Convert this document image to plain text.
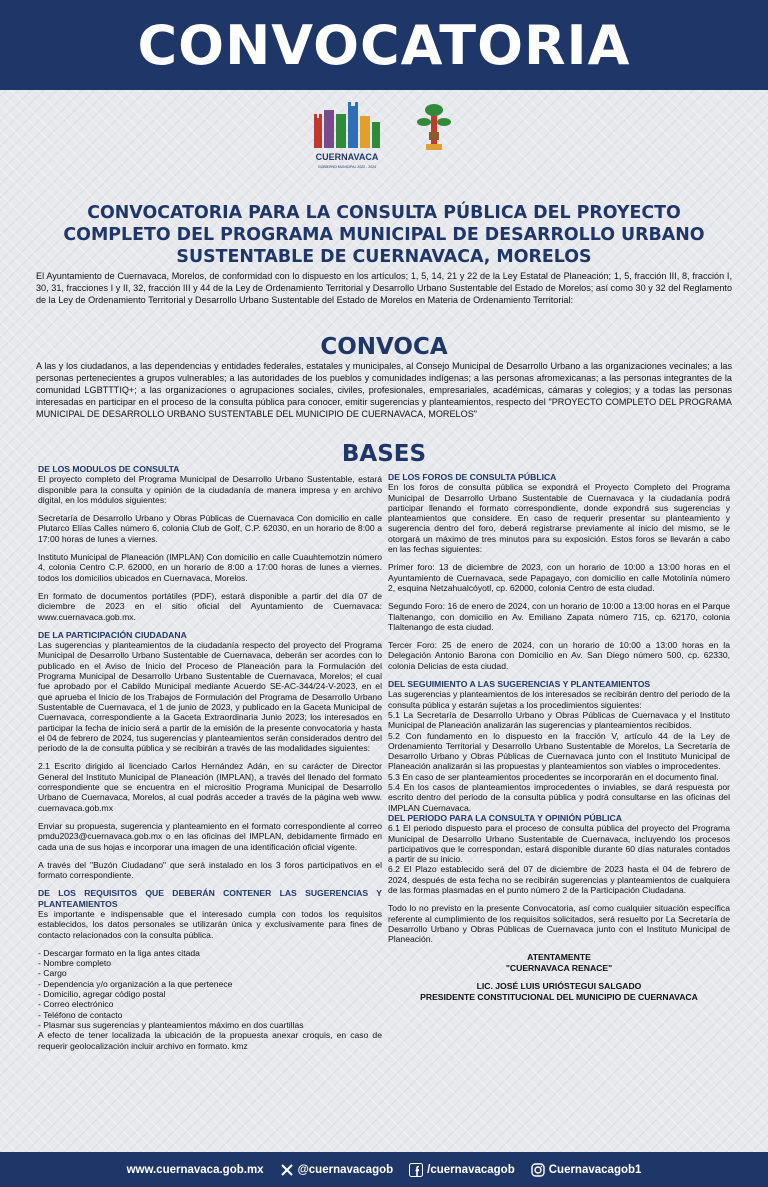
CONVOCATORIA
CUERNAVACA
GOBIERNO MUNICIPAL 2022 - 2024
CONVOCATORIA PARA LA CONSULTA PÚBLICA DEL PROYECTO COMPLETO DEL PROGRAMA MUNICIPAL DE DESARROLLO URBANO SUSTENTABLE DE CUERNAVACA, MORELOS

El Ayuntamiento de Cuernavaca, Morelos, de conformidad con lo dispuesto en los artículos; 1, 5, 14, 21 y 22 de la Ley Estatal de Planeación; 1, 5, fracción III, 8, fracción I, 30, 31, fracciones I y II, 32, fracción III y 44 de la Ley de Ordenamiento Territorial y Desarrollo Urbano Sustentable del Estado de Morelos; así como 30 y 32 del Reglamento de la Ley de Ordenamiento Territorial y Desarrollo Urbano Sustentable del Estado de Morelos en Materia de Ordenamiento Territorial:

CONVOCA

A las y los ciudadanos, a las dependencias y entidades federales, estatales y municipales, al Consejo Municipal de Desarrollo Urbano a las organizaciones vecinales; a las personas pertenecientes a grupos vulnerables; a las autoridades de los pueblos y comunidades indígenas; a las personas afromexicanas; a las personas integrantes de la comunidad LGBTTTIQ+; a las organizaciones o agrupaciones sociales, civiles, profesionales, empresariales, académicas, cámaras y colegios; y a todas las personas interesadas en participar en el proceso de la consulta pública para conocer, emitir sugerencias y planteamientos, respecto del "PROYECTO COMPLETO DEL PROGRAMA MUNICIPAL DE DESARROLLO URBANO SUSTENTABLE DEL MUNICIPIO DE CUERNAVACA, MORELOS"

BASES
DE LOS MODULOS DE CONSULTA

El proyecto completo del Programa Municipal de Desarrollo Urbano Sustentable, estará disponible para la consulta y opinión de la ciudadanía de manera impresa y en archivo digital, en los módulos siguientes:

Secretaría de Desarrollo Urbano y Obras Públicas de Cuernavaca Con domicilio en calle Plutarco Elías Calles número 6, colonia Club de Golf, C.P. 62030, en un horario de 8:00 a 17:00 horas de lunes a viernes.

Instituto Municipal de Planeación (IMPLAN) Con domicilio en calle Cuauhtemotzin número 4, colonia Centro C.P. 62000, en un horario de 8:00 a 17:00 horas de lunes a viernes. todos los domicilios ubicados en Cuernavaca, Morelos.

En formato de documentos portátiles (PDF), estará disponible a partir del día 07 de diciembre de 2023 en el sitio oficial del Ayuntamiento de Cuernavaca: www.cuernavaca.gob.mx.

DE LA PARTICIPACIÓN CIUDADANA

Las sugerencias y planteamientos de la ciudadanía respecto del proyecto del Programa Municipal de Desarrollo Urbano Sustentable de Cuernavaca, deberán ser acordes con lo publicado en el Aviso de Inicio del Proceso de Planeación para la Formulación del Programa Municipal de Desarrollo Urbano Sustentable de Cuernavaca, Morelos; el cual fue aprobado por el Cabildo Municipal mediante Acuerdo SE-AC-344/24-V-2023, en el que aprueba el Inicio de los Trabajos de Formulación del Programa de Desarrollo Urbano Sustentable de Cuernavaca, el 1 de junio de 2023, y publicado en la Gaceta Municipal de Cuernavaca, correspondiente a la Gaceta Extraordinaria Junio 2023; los interesados en participar la fecha de inicio será a partir de la emisión de la presente convocatoria y hasta el 04 de febrero de 2024, tus sugerencias y planteamientos serán considerados dentro del periodo de la de consulta pública y se recibirán a través de las modalidades siguientes:

2.1 Escrito dirigido al licenciado Carlos Hernández Adán, en su carácter de Director General del Instituto Municipal de Planeación (IMPLAN), a través del llenado del formato correspondiente que se encuentra en el micrositio Programa Municipal de Desarrollo Urbano de Cuernavaca, Morelos, al cual podrás acceder a través de la página web www. cuernavaca.gob.mx

Enviar su propuesta, sugerencia y planteamiento en el formato correspondiente al correo pmdu2023@cuernavaca.gob.mx o en las oficinas del IMPLAN, debidamente firmado en cada una de sus hojas e incorporar una imagen de una identificación oficial vigente.

A través del "Buzón Ciudadano" que será instalado en los 3 foros participativos en el formato correspondiente.

DE LOS REQUISITOS QUE DEBERÁN CONTENER LAS SUGERENCIAS Y PLANTEAMIENTOS

Es importante e indispensable que el interesado cumpla con todos los requisitos establecidos, los datos personales se utilizarán única y exclusivamente para fines de contacto relacionados con la consulta pública.

- Descargar formato en la liga antes citada
- Nombre completo
- Cargo
- Dependencia y/o organización a la que pertenece
- Domicilio, agregar código postal
- Correo electrónico
- Teléfono de contacto
- Plasmar sus sugerencias y planteamientos máximo en dos cuartillas

A efecto de tener localizada la ubicación de la propuesta anexar croquis, en caso de requerir geolocalización incluir archivo en formato. kmz

DE LOS FOROS DE CONSULTA PÚBLICA

En los foros de consulta pública se expondrá el Proyecto Completo del Programa Municipal de Desarrollo Urbano Sustentable de Cuernavaca y la ciudadanía podrá participar llenando el formato correspondiente, donde expondrá sus sugerencias y planteamientos que considere. En caso de requerir presentar su planteamiento y sugerencia dentro del foro, deberá registrarse previamente al inicio del mismo, se le otorgará un máximo de tres minutos para su exposición. Estos foros se llevarán a cabo en las fechas siguientes:

Primer foro: 13 de diciembre de 2023, con un horario de 10:00 a 13:00 horas en el Ayuntamiento de Cuernavaca, sede Papagayo, con domicilio en calle Motolinía número 2, esquina Netzahualcóyotl, cp. 62000, colonia Centro de esta ciudad.

Segundo Foro: 16 de enero de 2024, con un horario de 10:00 a 13:00 horas en el Parque Tlaltenango, con domicilio en Av. Emiliano Zapata número 715, cp. 62170, colonia Tlaltenango de esta ciudad.

Tercer Foro: 25 de enero de 2024, con un horario de 10:00 a 13:00 horas en la Delegación Antonio Barona con Domicilio en Av. San Diego número 500, cp. 62330, colonia Delicias de esta ciudad.

DEL SEGUIMIENTO A LAS SUGERENCIAS Y PLANTEAMIENTOS

Las sugerencias y planteamientos de los interesados se recibirán dentro del periodo de la consulta pública y estarán sujetas a los procedimientos siguientes:

5.1 La Secretaría de Desarrollo Urbano y Obras Públicas de Cuernavaca y el Instituto Municipal de Planeación analizarán las sugerencias y planteamientos recibidos.

5.2 Con fundamento en lo dispuesto en la fracción V, artículo 44 de la Ley de Ordenamiento Territorial y Desarrollo Urbano Sustentable de Morelos, La Secretaría de Desarrollo Urbano y Obras Públicas de Cuernavaca junto con el Instituto Municipal de Planeación analizarán si las propuestas y planteamientos son viables o improcedentes.

5.3 En caso de ser planteamientos procedentes se incorporarán en el documento final.

5.4 En los casos de planteamientos improcedentes o inviables, se dará respuesta por escrito dentro del periodo de la consulta pública y podrá consultarse en las oficinas del IMPLAN Cuernavaca.

DEL PERIODO PARA LA CONSULTA Y OPINIÓN PÚBLICA

6.1 El periodo dispuesto para el proceso de consulta pública del proyecto del Programa Municipal de Desarrollo Urbano Sustentable de Cuernavaca, incluyendo los procesos participativos que le correspondan, estará disponible durante 60 días naturales contados a partir de su inicio.

6.2 El Plazo establecido será del 07 de diciembre de 2023 hasta el 04 de febrero de 2024, después de esta fecha no se recibirán sugerencias y planteamientos de cualquiera de las formas plasmadas en el punto número 2 de la Participación Ciudadana.

Todo lo no previsto en la presente Convocatoria, así como cualquier situación específica referente al cumplimiento de los requisitos solicitados, será resuelto por La Secretaría de Desarrollo Urbano y Obras Públicas de Cuernavaca junto con el Instituto Municipal de Planeación.

ATENTAMENTE
"CUERNAVACA RENACE"
LIC. JOSÉ LUIS URIÓSTEGUI SALGADO
PRESIDENTE CONSTITUCIONAL DEL MUNICIPIO DE CUERNAVACA
www.cuernavaca.gob.mx	@cuernavacagob	/cuernavacagob	Cuernavacagob1
